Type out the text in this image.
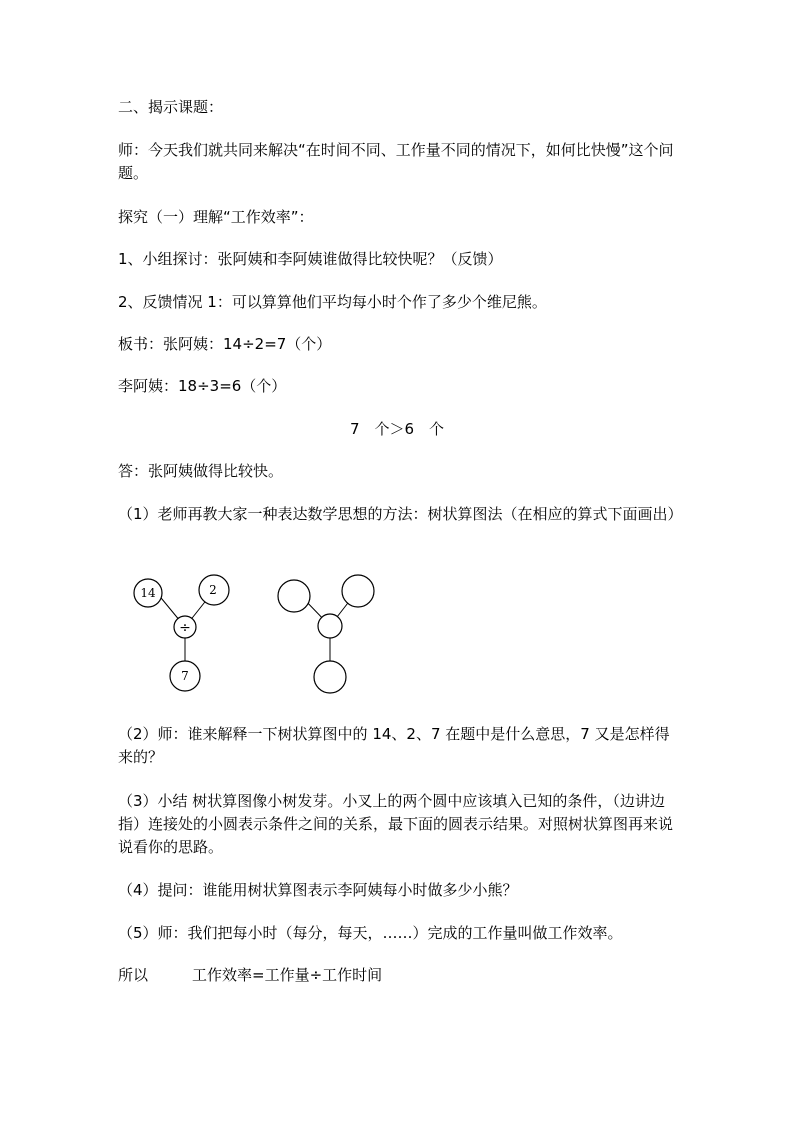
二、揭示课题：
师：今天我们就共同来解决“在时间不同、工作量不同的情况下，如何比快慢”这个问题。
探究（一）理解“工作效率”：
1、小组探讨：张阿姨和李阿姨谁做得比较快呢？（反馈）
2、反馈情况 1：可以算算他们平均每小时个作了多少个维尼熊。
板书：张阿姨：14÷2=7（个）
李阿姨：18÷3=6（个）
7　个＞6　个
答：张阿姨做得比较快。
（1）老师再教大家一种表达数学思想的方法：树状算图法（在相应的算式下面画出）
14	2
÷
7
（2）师：谁来解释一下树状算图中的 14、2、7 在题中是什么意思，7 又是怎样得来的？
（3）小结 树状算图像小树发芽。小叉上的两个圆中应该填入已知的条件，（边讲边指）连接处的小圆表示条件之间的关系，最下面的圆表示结果。对照树状算图再来说说看你的思路。
（4）提问：谁能用树状算图表示李阿姨每小时做多少小熊？
（5）师：我们把每小时（每分，每天，……）完成的工作量叫做工作效率。
所以	工作效率=工作量÷工作时间
